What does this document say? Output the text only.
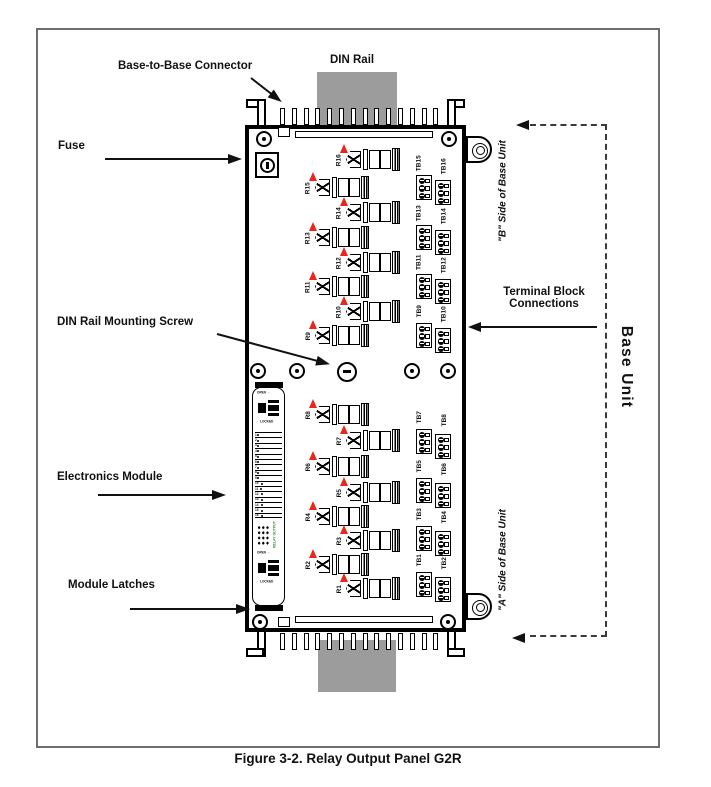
OPEN →
← LOCKED
1
2
3
4
5
6
7
8
9
10
11
12
13
14
15
16
RELAY OUTPUT
OPEN →
← LOCKED
R16
R15
R14
R13
R12
R11
R10
R9
R8
R7
R6
R5
R4
R3
R2
R1
TB15	TB16
TB13	TB14
TB11	TB12
TB9	TB10
TB7	TB8
TB5	TB6
TB3	TB4
TB1	TB2
Base-to-Base Connector	DIN Rail
Fuse
DIN Rail Mounting Screw
Electronics Module
Module Latches
Terminal Block
Connections
"B" Side of Base Unit
"A" Side of Base Unit
Base Unit
Figure 3-2. Relay Output Panel G2R
